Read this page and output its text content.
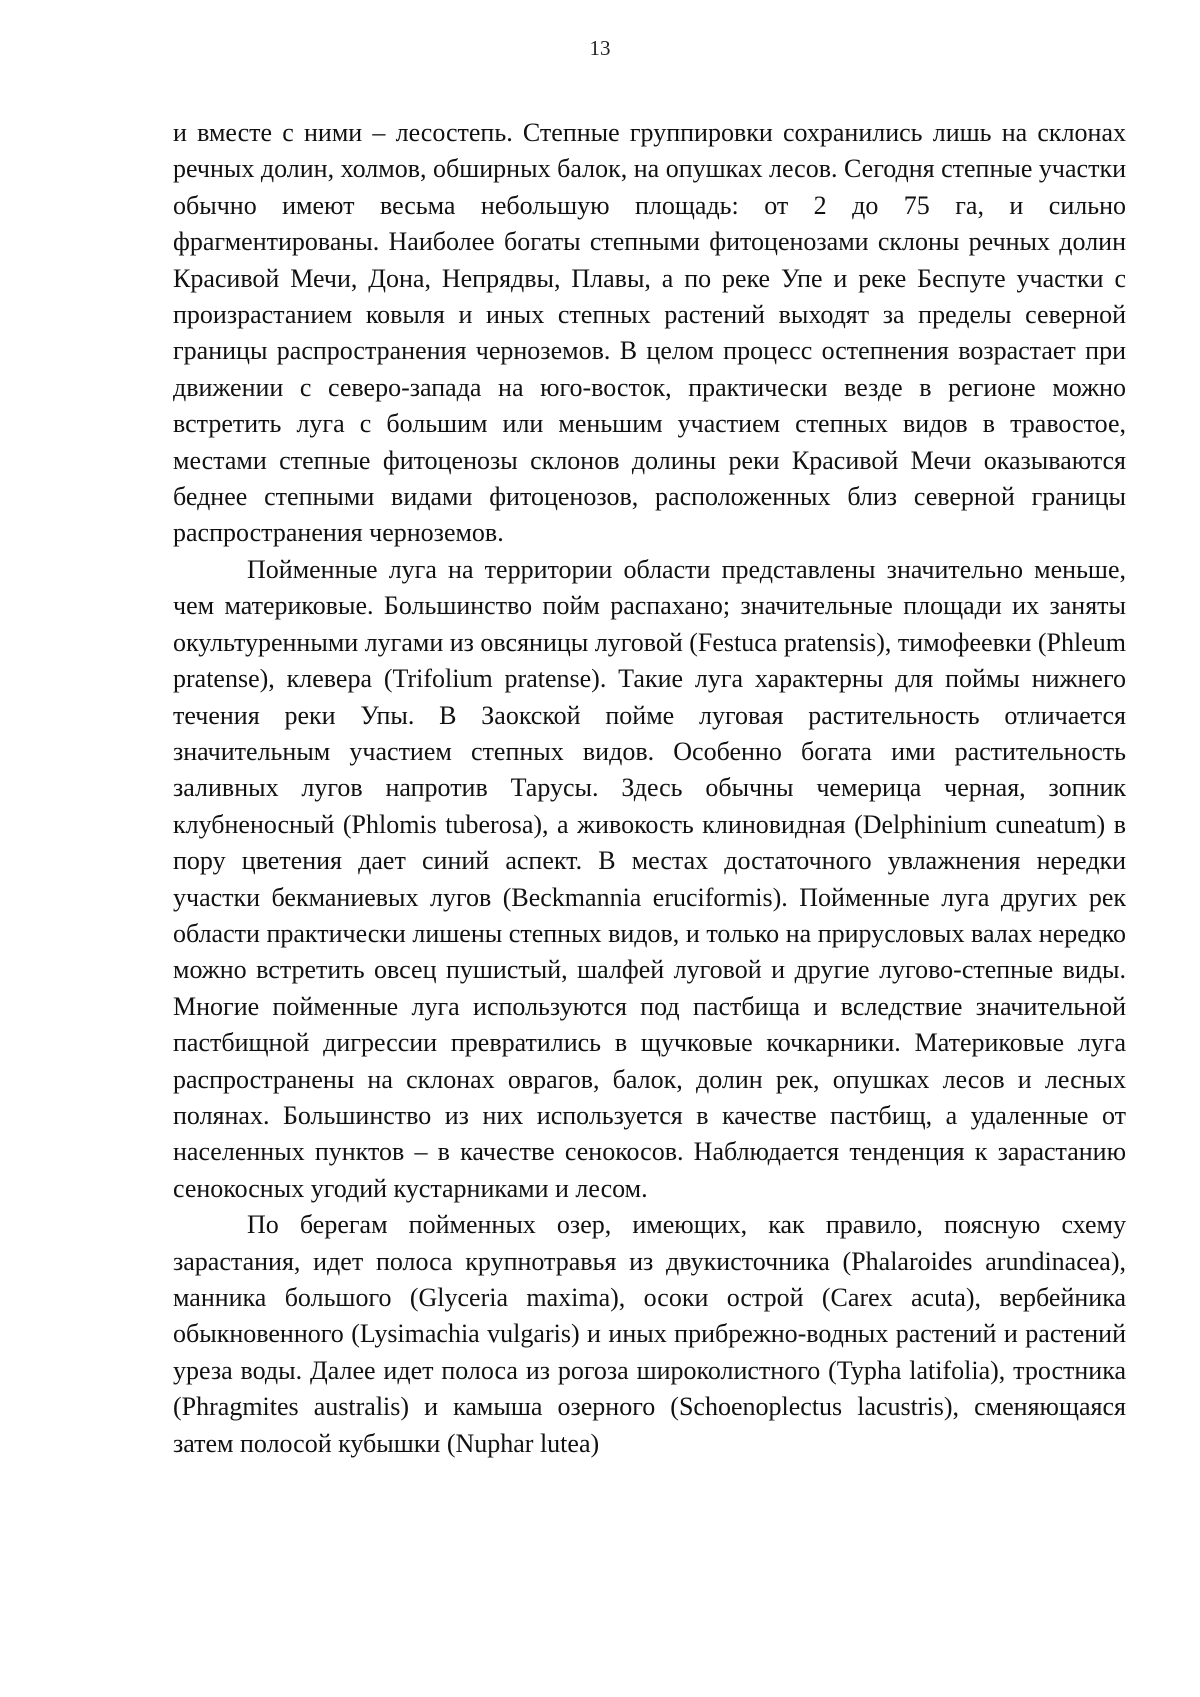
13

и вместе с ними – лесостепь. Степные группировки сохранились лишь на склонах речных долин, холмов, обширных балок, на опушках лесов. Сегодня степные участки обычно имеют весьма небольшую площадь: от 2 до 75 га, и сильно фрагментированы. Наиболее богаты степными фитоценозами склоны речных долин Красивой Мечи, Дона, Непрядвы, Плавы, а по реке Упе и реке Беспуте участки с произрастанием ковыля и иных степных растений выходят за пределы северной границы распространения черноземов. В целом процесс остепнения возрастает при движении с северо-запада на юго-восток, практически везде в регионе можно встретить луга с большим или меньшим участием степных видов в травостое, местами степные фитоценозы склонов долины реки Красивой Мечи оказываются беднее степными видами фитоценозов, расположенных близ северной границы распространения черноземов.

Пойменные луга на территории области представлены значительно меньше, чем материковые. Большинство пойм распахано; значительные площади их заняты окультуренными лугами из овсяницы луговой (Festuca pratensis), тимофеевки (Phleum pratense), клевера (Trifolium pratense). Такие луга характерны для поймы нижнего течения реки Упы. В Заокской пойме луговая растительность отличается значительным участием степных видов. Особенно богата ими растительность заливных лугов напротив Тарусы. Здесь обычны чемерица черная, зопник клубненосный (Phlomis tuberosa), а живокость клиновидная (Delphinium cuneatum) в пору цветения дает синий аспект. В местах достаточного увлажнения нередки участки бекманиевых лугов (Beckmannia eruciformis). Пойменные луга других рек области практически лишены степных видов, и только на прирусловых валах нередко можно встретить овсец пушистый, шалфей луговой и другие лугово-степные виды. Многие пойменные луга используются под пастбища и вследствие значительной пастбищной дигрессии превратились в щучковые кочкарники. Материковые луга распространены на склонах оврагов, балок, долин рек, опушках лесов и лесных полянах. Большинство из них используется в качестве пастбищ, а удаленные от населенных пунктов – в качестве сенокосов. Наблюдается тенденция к зарастанию сенокосных угодий кустарниками и лесом.

По берегам пойменных озер, имеющих, как правило, поясную схему зарастания, идет полоса крупнотравья из двукисточника (Phalaroides arundinacea), манника большого (Glyceria maxima), осоки острой (Carex acuta), вербейника обыкновенного (Lysimachia vulgaris) и иных прибрежно-водных растений и растений уреза воды. Далее идет полоса из рогоза широколистного (Typha latifolia), тростника (Phragmites australis) и камыша озерного (Schoenoplectus lacustris), сменяющаяся затем полосой кубышки (Nuphar lutea)
